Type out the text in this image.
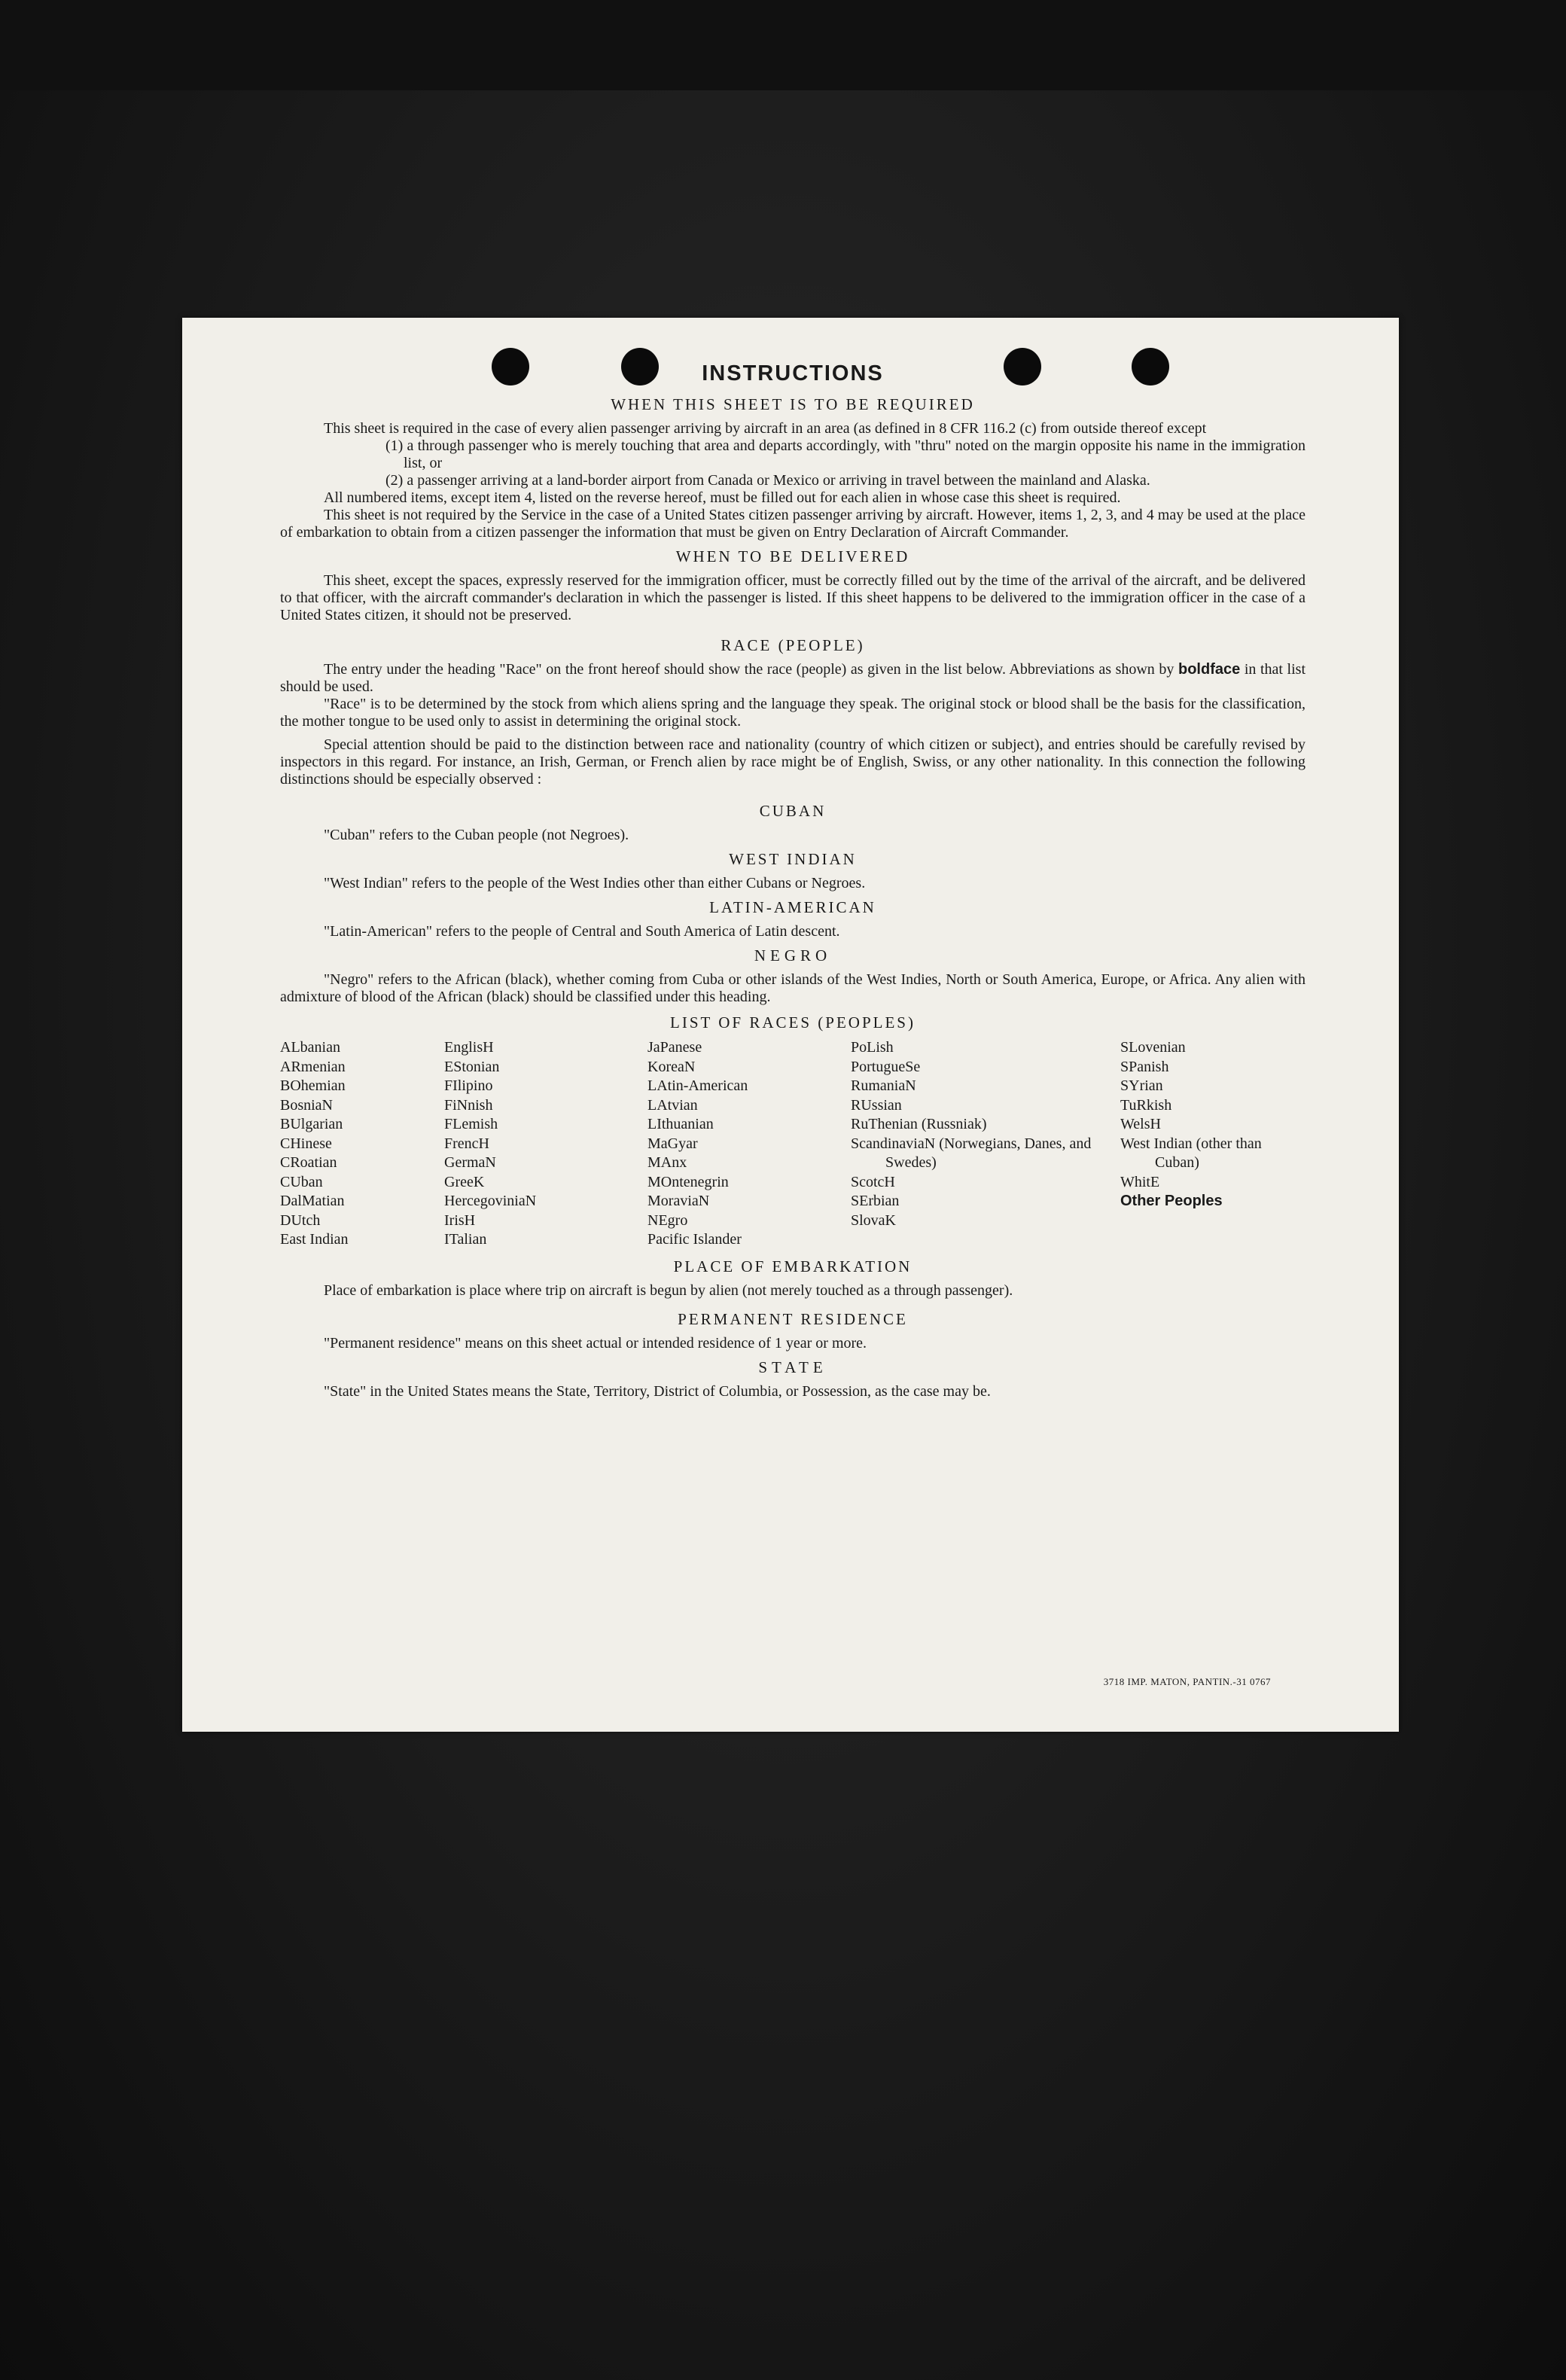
INSTRUCTIONS
WHEN THIS SHEET IS TO BE REQUIRED

This sheet is required in the case of every alien passenger arriving by aircraft in an area (as defined in 8 CFR 116.2 (c) from outside thereof except

(1) a through passenger who is merely touching that area and departs accordingly, with "thru" noted on the margin opposite his name in the immigration list, or

(2) a passenger arriving at a land-border airport from Canada or Mexico or arriving in travel between the mainland and Alaska.

All numbered items, except item 4, listed on the reverse hereof, must be filled out for each alien in whose case this sheet is required.

This sheet is not required by the Service in the case of a United States citizen passenger arriving by aircraft. However, items 1, 2, 3, and 4 may be used at the place of embarkation to obtain from a citizen passenger the information that must be given on Entry Declaration of Aircraft Commander.

WHEN TO BE DELIVERED

This sheet, except the spaces, expressly reserved for the immigration officer, must be correctly filled out by the time of the arrival of the aircraft, and be delivered to that officer, with the aircraft commander's declaration in which the passenger is listed. If this sheet happens to be delivered to the immigration officer in the case of a United States citizen, it should not be preserved.

RACE (PEOPLE)

The entry under the heading "Race" on the front hereof should show the race (people) as given in the list below. Abbreviations as shown by boldface in that list should be used.

"Race" is to be determined by the stock from which aliens spring and the language they speak. The original stock or blood shall be the basis for the classification, the mother tongue to be used only to assist in determining the original stock.

Special attention should be paid to the distinction between race and nationality (country of which citizen or subject), and entries should be carefully revised by inspectors in this regard. For instance, an Irish, German, or French alien by race might be of English, Swiss, or any other nationality. In this connection the following distinctions should be especially observed :

CUBAN

"Cuban" refers to the Cuban people (not Negroes).

WEST INDIAN

"West Indian" refers to the people of the West Indies other than either Cubans or Negroes.

LATIN-AMERICAN

"Latin-American" refers to the people of Central and South America of Latin descent.

NEGRO

"Negro" refers to the African (black), whether coming from Cuba or other islands of the West Indies, North or South America, Europe, or Africa. Any alien with admixture of blood of the African (black) should be classified under this heading.

LIST OF RACES (PEOPLES)
ALbanian
ARmenian
BOhemian
BosniaN
BUlgarian
CHinese
CRoatian
CUban
DalMatian
DUtch
East Indian
EnglisH
EStonian
FIlipino
FiNnish
FLemish
FrencH
GermaN
GreeK
HercegoviniaN
IrisH
ITalian
JaPanese
KoreaN
LAtin-American
LAtvian
LIthuanian
MaGyar
MAnx
MOntenegrin
MoraviaN
NEgro
Pacific Islander
PoLish
PortugueSe
RumaniaN
RUssian
RuThenian (Russniak)
ScandinaviaN (Norwegians, Danes, and Swedes)
ScotcH
SErbian
SlovaK
SLovenian
SPanish
SYrian
TuRkish
WelsH
West Indian (other than Cuban)
WhitE
Other Peoples
PLACE OF EMBARKATION

Place of embarkation is place where trip on aircraft is begun by alien (not merely touched as a through passenger).

PERMANENT RESIDENCE

"Permanent residence" means on this sheet actual or intended residence of 1 year or more.

STATE

"State" in the United States means the State, Territory, District of Columbia, or Possession, as the case may be.

3718 IMP. MATON, PANTIN.-31 0767
